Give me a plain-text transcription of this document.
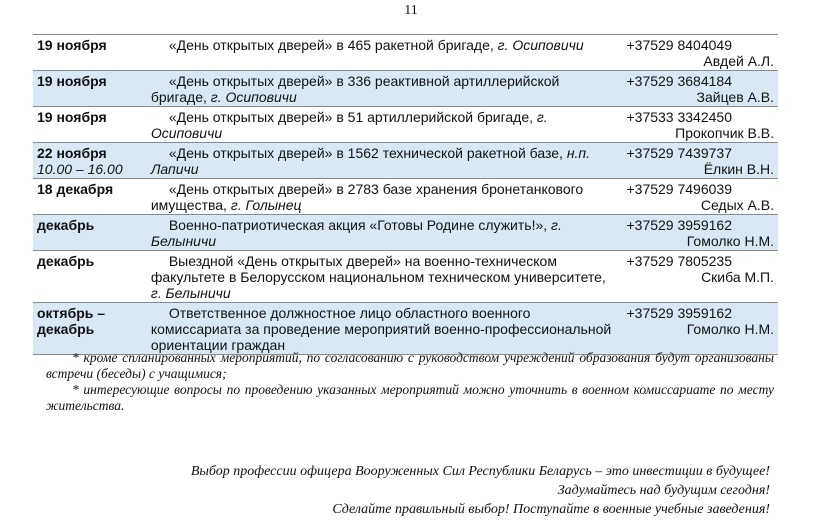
11
19 ноября	«День открытых дверей» в 465 ракетной бригаде, г. Осиповичи	+37529 8404049
Авдей А.Л.

19 ноября	«День открытых дверей» в 336 реактивной артиллерийской бригаде, г. Осиповичи	+37529 3684184
Зайцев А.В.

19 ноября	«День открытых дверей» в 51 артиллерийской бригаде, г. Осиповичи	+37533 3342450
Прокопчик В.В.

22 ноября
10.00 – 16.00	«День открытых дверей» в 1562 технической ракетной базе, н.п. Лапичи	+37529 7439737
Ёлкин В.Н.

18 декабря	«День открытых дверей» в 2783 базе хранения бронетанкового имущества, г. Голынец	+37529 7496039
Седых А.В.

декабрь	Военно-патриотическая акция «Готовы Родине служить!», г. Белыничи	+37529 3959162
Гомолко Н.М.

декабрь	Выездной «День открытых дверей» на военно-техническом факультете в Белорусском национальном техническом университете, г. Белыничи	+37529 7805235
Скиба М.П.

октябрь – декабрь	Ответственное должностное лицо областного военного комиссариата за проведение мероприятий военно-профессиональной ориентации граждан	+37529 3959162
Гомолко Н.М.

* кроме спланированных мероприятий, по согласованию с руководством учреждений образования будут организованы встречи (беседы) с учащимися;

* интересующие вопросы по проведению указанных мероприятий можно уточнить в военном комиссариате по месту жительства.

Выбор профессии офицера Вооруженных Сил Республики Беларусь – это инвестиции в будущее!

Задумайтесь над будущим сегодня!

Сделайте правильный выбор! Поступайте в военные учебные заведения!
